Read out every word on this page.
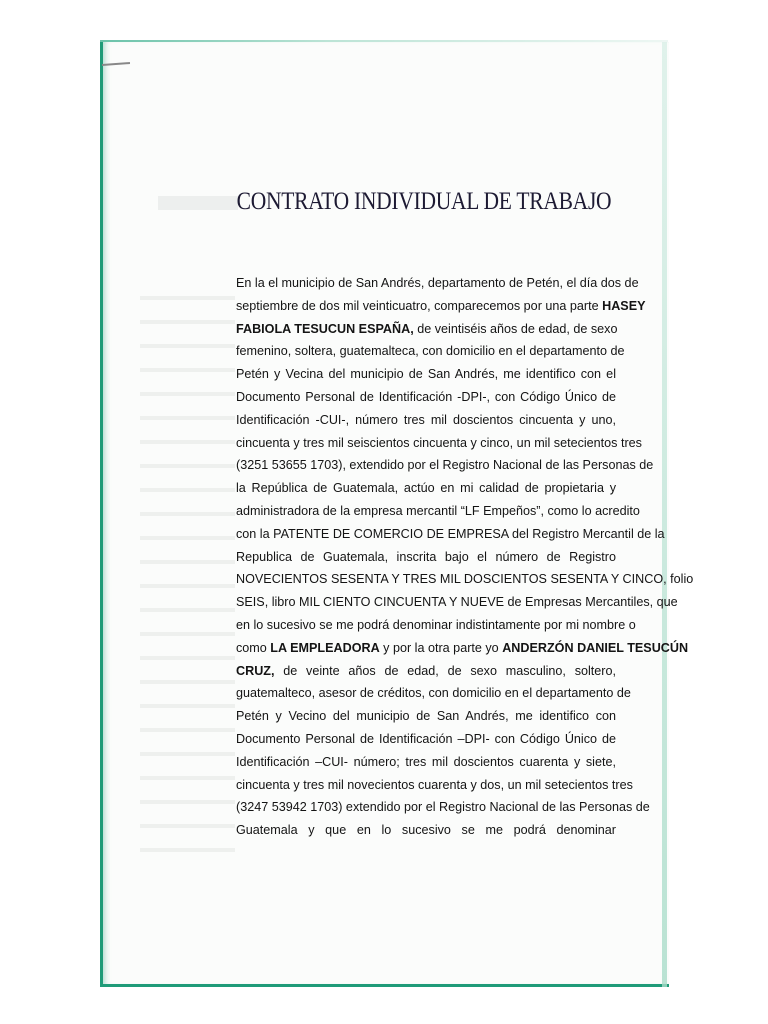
CONTRATO INDIVIDUAL DE TRABAJO
En la el municipio de San Andrés, departamento de Petén, el día dos de
septiembre de dos mil veinticuatro, comparecemos por una parte HASEY
FABIOLA TESUCUN ESPAÑA, de veintiséis años de edad, de sexo
femenino, soltera, guatemalteca, con domicilio en el departamento de
Petén y Vecina del municipio de San Andrés, me identifico con el
Documento Personal de Identificación -DPI-, con Código Único de
Identificación -CUI-, número tres mil doscientos cincuenta y uno,
cincuenta y tres mil seiscientos cincuenta y cinco, un mil setecientos tres
(3251 53655 1703), extendido por el Registro Nacional de las Personas de
la República de Guatemala, actúo en mi calidad de propietaria y
administradora de la empresa mercantil “LF Empeños”, como lo acredito
con la PATENTE DE COMERCIO DE EMPRESA del Registro Mercantil de la
Republica de Guatemala, inscrita bajo el número de Registro
NOVECIENTOS SESENTA Y TRES MIL DOSCIENTOS SESENTA Y CINCO, folio
SEIS, libro MIL CIENTO CINCUENTA Y NUEVE de Empresas Mercantiles, que
en lo sucesivo se me podrá denominar indistintamente por mi nombre o
como LA EMPLEADORA y por la otra parte yo ANDERZÓN DANIEL TESUCÚN
CRUZ, de veinte años de edad, de sexo masculino, soltero,
guatemalteco, asesor de créditos, con domicilio en el departamento de
Petén y Vecino del municipio de San Andrés, me identifico con
Documento Personal de Identificación –DPI- con Código Único de
Identificación –CUI- número; tres mil doscientos cuarenta y siete,
cincuenta y tres mil novecientos cuarenta y dos, un mil setecientos tres
(3247 53942 1703) extendido por el Registro Nacional de las Personas de
Guatemala y que en lo sucesivo se me podrá denominar
